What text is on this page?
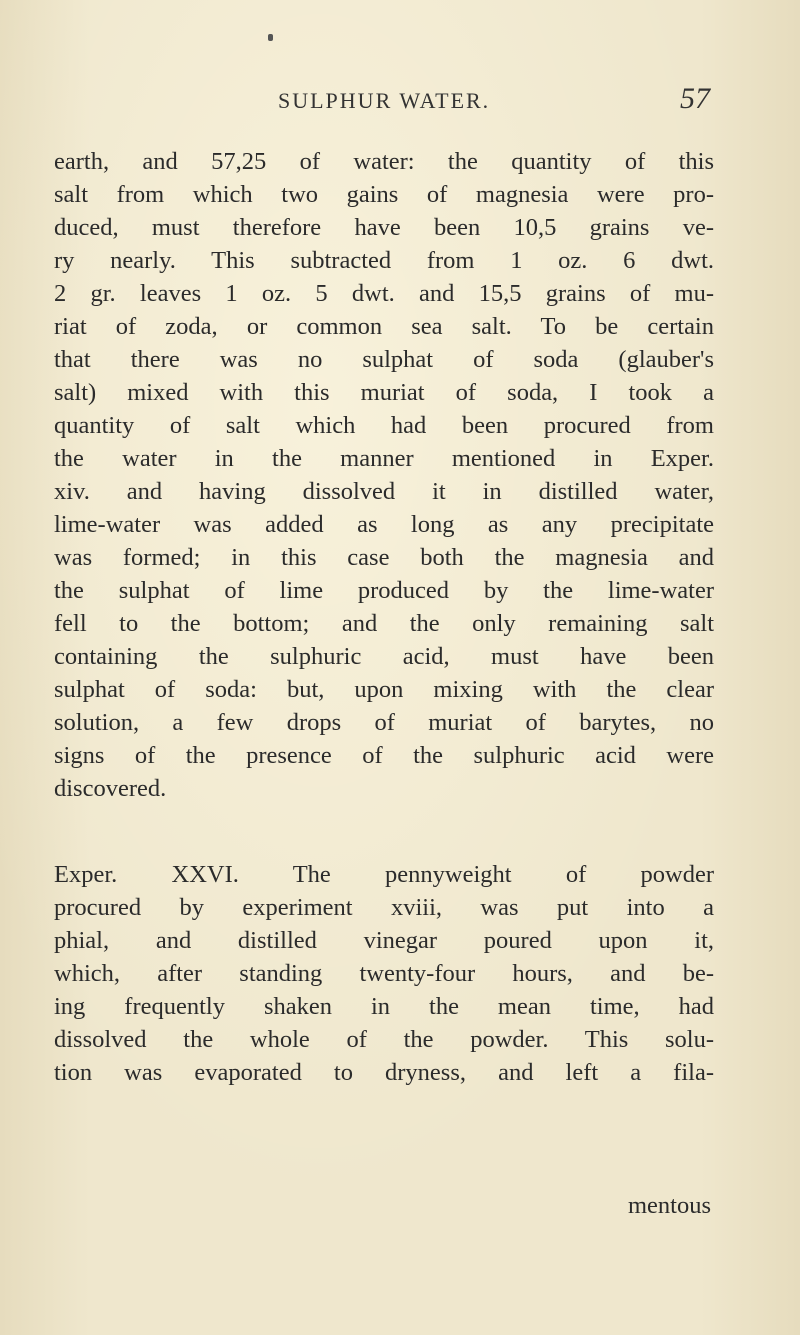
SULPHUR WATER.	57
earth, and 57,25 of water: the quantity of this
salt from which two gains of magnesia were pro-
duced, must therefore have been 10,5 grains ve-
ry nearly. This subtracted from 1 oz. 6 dwt.
2 gr. leaves 1 oz. 5 dwt. and 15,5 grains of mu-
riat of zoda, or common sea salt. To be certain
that there was no sulphat of soda (glauber's
salt) mixed with this muriat of soda, I took a
quantity of salt which had been procured from
the water in the manner mentioned in Exper.
xiv. and having dissolved it in distilled water,
lime-water was added as long as any precipitate
was formed; in this case both the magnesia and
the sulphat of lime produced by the lime-water
fell to the bottom; and the only remaining salt
containing the sulphuric acid, must have been
sulphat of soda: but, upon mixing with the clear
solution, a few drops of muriat of barytes, no
signs of the presence of the sulphuric acid were
discovered.
Exper. XXVI. The pennyweight of powder
procured by experiment xviii, was put into a
phial, and distilled vinegar poured upon it,
which, after standing twenty-four hours, and be-
ing frequently shaken in the mean time, had
dissolved the whole of the powder. This solu-
tion was evaporated to dryness, and left a fila-
mentous
